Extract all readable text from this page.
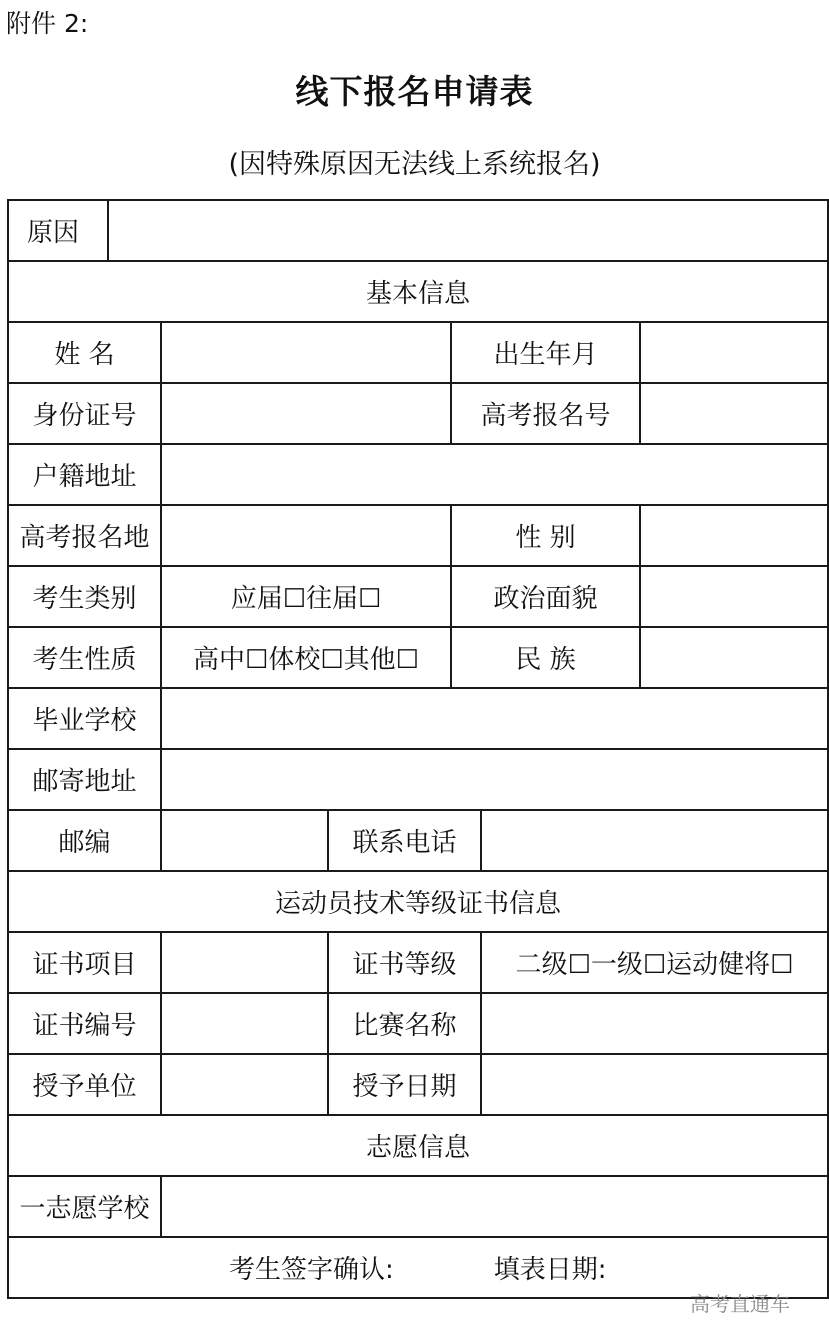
附件 2:
线下报名申请表
(因特殊原因无法线上系统报名)
原因						
基本信息						
姓 名				出生年月		
身份证号				高考报名号		
户籍地址						
高考报名地				性 别		
考生类别		应届☐往届☐		政治面貌		
考生性质		高中☐体校☐其他☐		民 族		
毕业学校						
邮寄地址						
邮编			联系电话			
运动员技术等级证书信息						
证书项目			证书等级		二级☐一级☐运动健将☐	
证书编号			比赛名称			
授予单位			授予日期			
志愿信息						
一志愿学校						
考生签字确认: 填表日期:						
高考直通车
